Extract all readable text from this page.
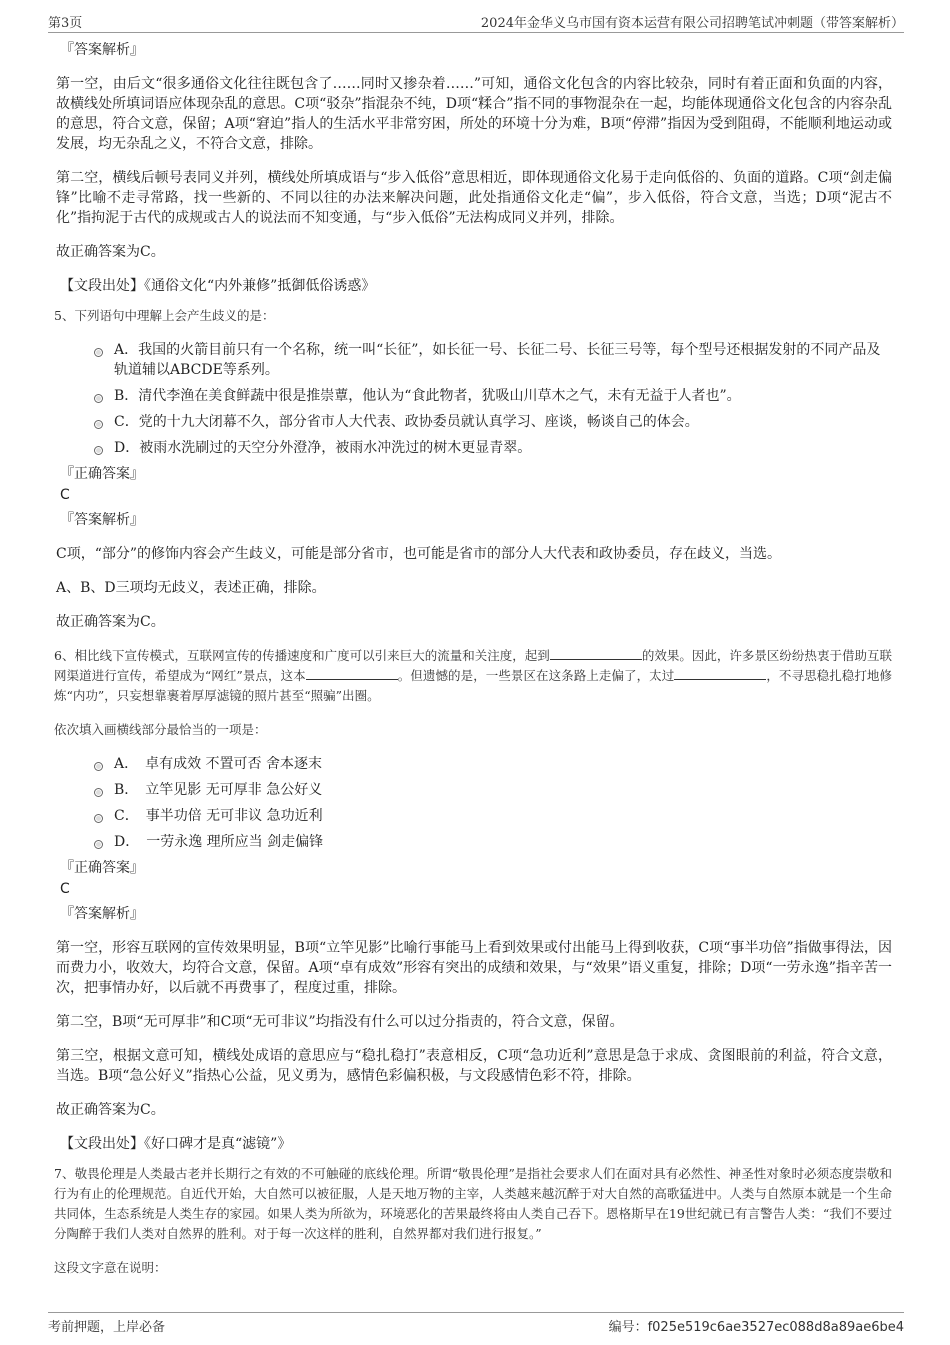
第3页	2024年金华义乌市国有资本运营有限公司招聘笔试冲刺题（带答案解析）
『答案解析』
第一空，由后文“很多通俗文化往往既包含了……同时又掺杂着……”可知，通俗文化包含的内容比较杂，同时有着正面和负面的内容，故横线处所填词语应体现杂乱的意思。C项“驳杂”指混杂不纯，D项“糅合”指不同的事物混杂在一起，均能体现通俗文化包含的内容杂乱的意思，符合文意，保留；A项“窘迫”指人的生活水平非常穷困，所处的环境十分为难，B项“停滞”指因为受到阻碍，不能顺利地运动或发展，均无杂乱之义，不符合文意，排除。
第二空，横线后顿号表同义并列，横线处所填成语与“步入低俗”意思相近，即体现通俗文化易于走向低俗的、负面的道路。C项“剑走偏锋”比喻不走寻常路，找一些新的、不同以往的办法来解决问题，此处指通俗文化走“偏”，步入低俗，符合文意，当选；D项“泥古不化”指拘泥于古代的成规或古人的说法而不知变通，与“步入低俗”无法构成同义并列，排除。
故正确答案为C。
【文段出处】《通俗文化“内外兼修”抵御低俗诱惑》
5、下列语句中理解上会产生歧义的是：
A．我国的火箭目前只有一个名称，统一叫“长征”，如长征一号、长征二号、长征三号等，每个型号还根据发射的不同产品及轨道辅以ABCDE等系列。
B．清代李渔在美食鲜蔬中很是推崇蕈，他认为“食此物者，犹吸山川草木之气，未有无益于人者也”。
C．党的十九大闭幕不久，部分省市人大代表、政协委员就认真学习、座谈，畅谈自己的体会。
D．被雨水洗刷过的天空分外澄净，被雨水冲洗过的树木更显青翠。
『正确答案』
C
『答案解析』
C项，“部分”的修饰内容会产生歧义，可能是部分省市，也可能是省市的部分人大代表和政协委员，存在歧义，当选。
A、B、D三项均无歧义，表述正确，排除。
故正确答案为C。
6、相比线下宣传模式，互联网宣传的传播速度和广度可以引来巨大的流量和关注度，起到	的效果。因此，许多景区纷纷热衷于借助互联网渠道进行宣传，希望成为“网红”景点，这本	。但遗憾的是，一些景区在这条路上走偏了，太过	，不寻思稳扎稳打地修炼“内功”，只妄想靠裹着厚厚滤镜的照片甚至“照骗”出圈。
依次填入画横线部分最恰当的一项是：
A．　卓有成效 不置可否 舍本逐末
B．　立竿见影 无可厚非 急公好义
C．　事半功倍 无可非议 急功近利
D．　一劳永逸 理所应当 剑走偏锋
『正确答案』
C
『答案解析』
第一空，形容互联网的宣传效果明显，B项“立竿见影”比喻行事能马上看到效果或付出能马上得到收获，C项“事半功倍”指做事得法，因而费力小，收效大，均符合文意，保留。A项“卓有成效”形容有突出的成绩和效果，与“效果”语义重复，排除；D项“一劳永逸”指辛苦一次，把事情办好，以后就不再费事了，程度过重，排除。
第二空，B项“无可厚非”和C项“无可非议”均指没有什么可以过分指责的，符合文意，保留。
第三空，根据文意可知，横线处成语的意思应与“稳扎稳打”表意相反，C项“急功近利”意思是急于求成、贪图眼前的利益，符合文意，当选。B项“急公好义”指热心公益，见义勇为，感情色彩偏积极，与文段感情色彩不符，排除。
故正确答案为C。
【文段出处】《好口碑才是真“滤镜”》
7、敬畏伦理是人类最古老并长期行之有效的不可触碰的底线伦理。所谓“敬畏伦理”是指社会要求人们在面对具有必然性、神圣性对象时必须态度崇敬和行为有止的伦理规范。自近代开始，大自然可以被征服，人是天地万物的主宰，人类越来越沉醉于对大自然的高歌猛进中。人类与自然原本就是一个生命共同体，生态系统是人类生存的家园。如果人类为所欲为，环境恶化的苦果最终将由人类自己吞下。恩格斯早在19世纪就已有言警告人类：“我们不要过分陶醉于我们人类对自然界的胜利。对于每一次这样的胜利，自然界都对我们进行报复。”
这段文字意在说明：
考前押题，上岸必备	编号：f025e519c6ae3527ec088d8a89ae6be4
